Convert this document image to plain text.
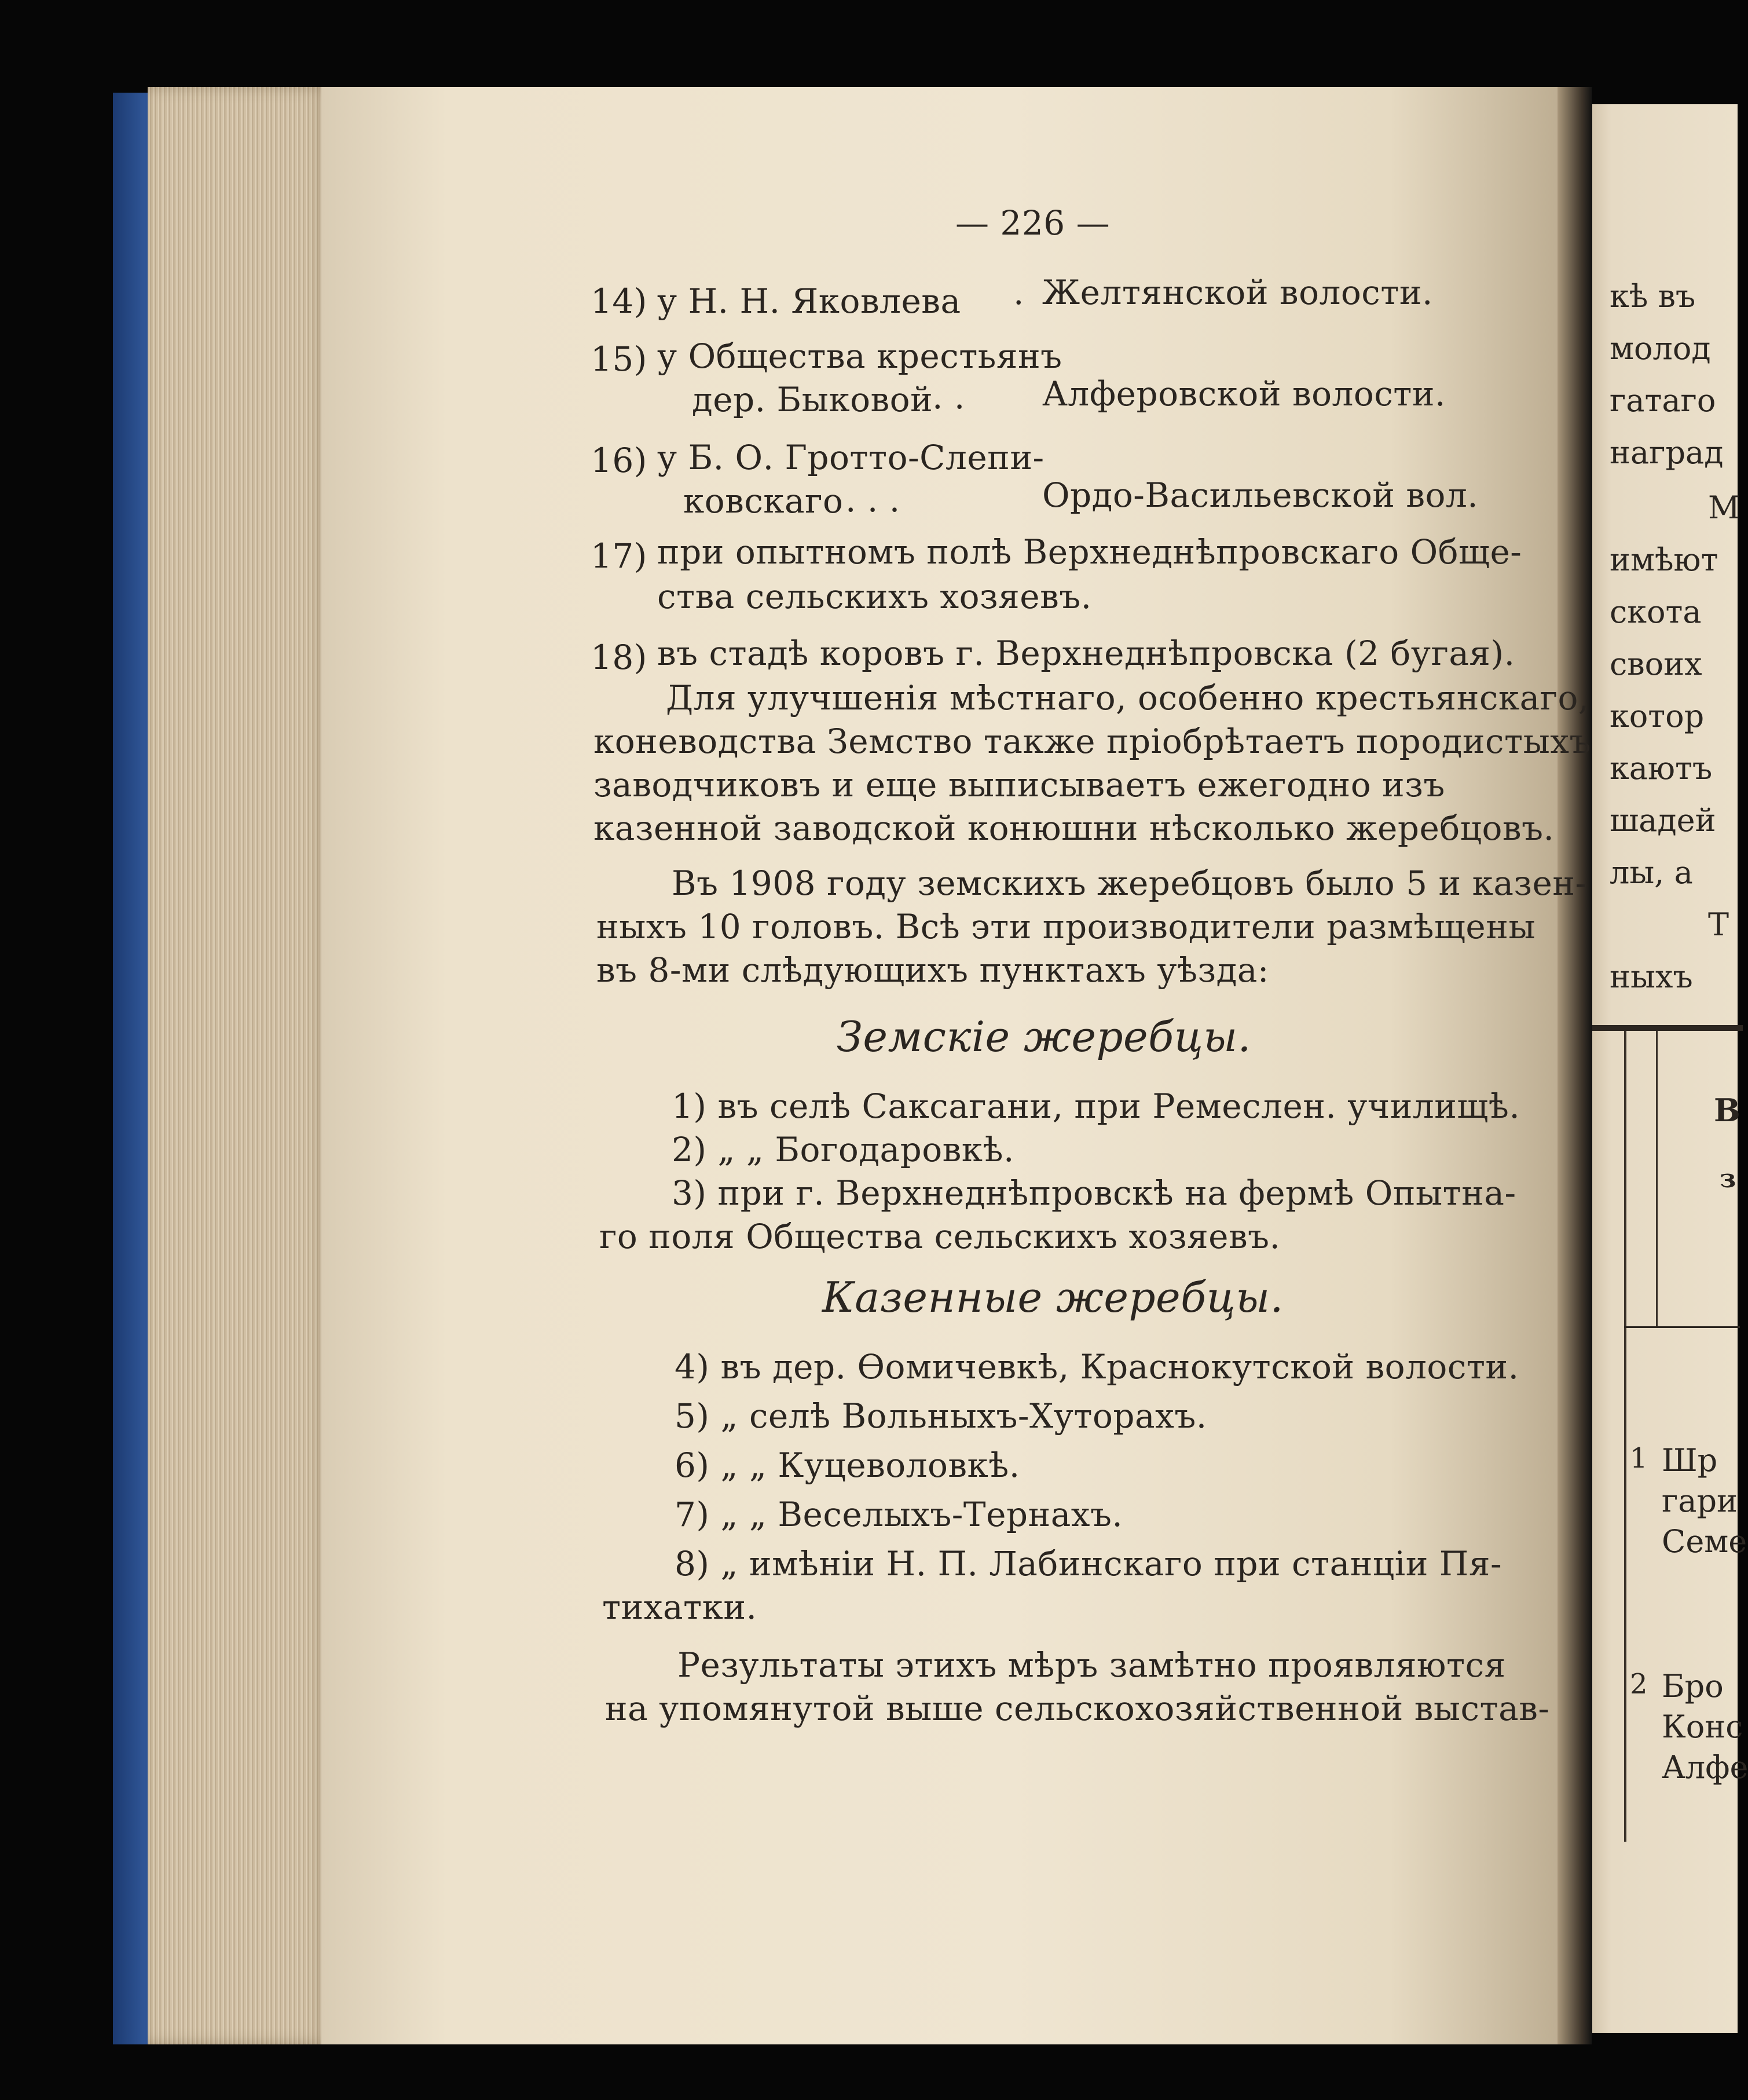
кѣ въ
молод
гатаго
наград
М
имѣют
скота
своих
котор
каютъ
шадей
лы, а
Т
ныхъ
В
з
1 Шр
гари
Семе
2 Бро
Конс
Алфе
— 226 —
14) у Н. Н. Яковлева . Желтянской волости.
15) у Общества крестьянъ
дер. Быковой
. . Алферовской волости.
16) у Б. О. Гротто-Слепи-
ковскаго . . .	Ордо-Васильевской вол.
17) при опытномъ полѣ Верхнеднѣпровскаго Обще-
ства сельскихъ хозяевъ.
18) въ стадѣ коровъ г. Верхнеднѣпровска (2 бугая).
Для улучшенія мѣстнаго, особенно крестьянскаго,
коневодства Земство также пріобрѣтаетъ породистыхъ
заводчиковъ и еще выписываетъ ежегодно изъ
казенной заводской конюшни нѣсколько жеребцовъ.
Въ 1908 году земскихъ жеребцовъ было 5 и казен-
ныхъ 10 головъ. Всѣ эти производители размѣщены
въ 8-ми слѣдующихъ пунктахъ уѣзда:
Земскіе жеребцы.
1) въ селѣ Саксагани, при Ремеслен. училищѣ.
2) „ „ Богодаровкѣ.
3) при г. Верхнеднѣпровскѣ на фермѣ Опытна-
го поля Общества сельскихъ хозяевъ.
Казенные жеребцы.
4) въ дер. Ѳомичевкѣ, Краснокутской волости.
5) „ селѣ Вольныхъ-Хуторахъ.
6) „ „ Куцеволовкѣ.
7) „ „ Веселыхъ-Тернахъ.
8) „ имѣніи Н. П. Лабинскаго при станціи Пя-
тихатки.
Результаты этихъ мѣръ замѣтно проявляются
на упомянутой выше сельскохозяйственной выстав-
